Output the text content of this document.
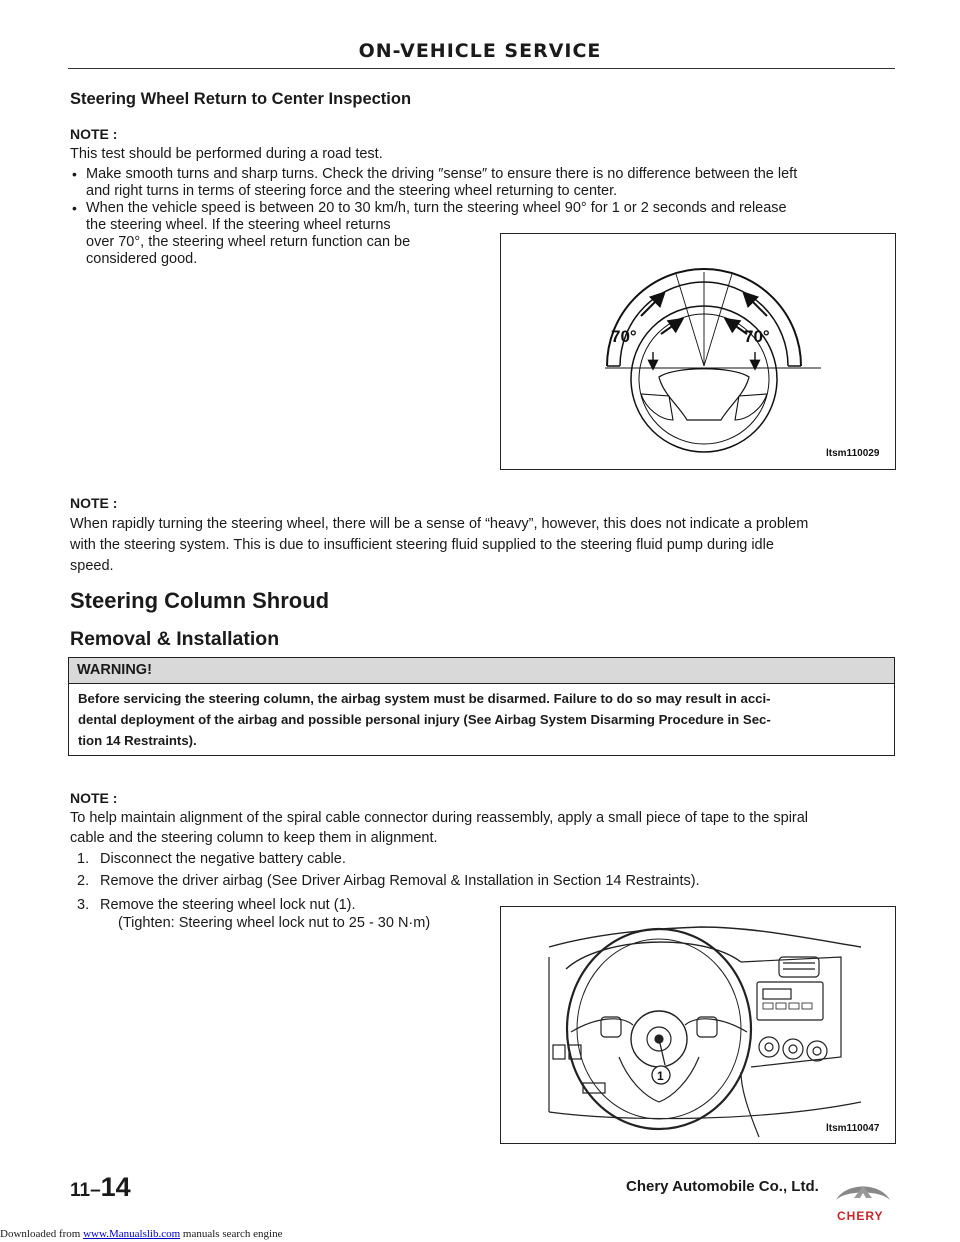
ON-VEHICLE SERVICE
Steering Wheel Return to Center Inspection
NOTE :
This test should be performed during a road test.
• Make smooth turns and sharp turns. Check the driving ″sense″ to ensure there is no difference between the left
and right turns in terms of steering force and the steering wheel returning to center.
• When the vehicle speed is between 20 to 30 km/h, turn the steering wheel 90° for 1 or 2 seconds and release
the steering wheel. If the steering wheel returns
over 70°, the steering wheel return function can be
considered good.
70°	70°
ltsm110029
NOTE :
When rapidly turning the steering wheel, there will be a sense of “heavy”, however, this does not indicate a problem
with the steering system. This is due to insufficient steering fluid supplied to the steering fluid pump during idle
speed.
Steering Column Shroud
Removal & Installation
WARNING!
Before servicing the steering column, the airbag system must be disarmed. Failure to do so may result in acci-
dental deployment of the airbag and possible personal injury (See Airbag System Disarming Procedure in Sec-
tion 14 Restraints).
NOTE :
To help maintain alignment of the spiral cable connector during reassembly, apply a small piece of tape to the spiral
cable and the steering column to keep them in alignment.
1. Disconnect the negative battery cable.
2. Remove the driver airbag (See Driver Airbag Removal & Installation in Section 14 Restraints).
3. Remove the steering wheel lock nut (1).
(Tighten: Steering wheel lock nut to 25 - 30 N·m)
1
ltsm110047
11–14	Chery Automobile Co., Ltd.
CHERY
Downloaded from www.Manualslib.com manuals search engine
